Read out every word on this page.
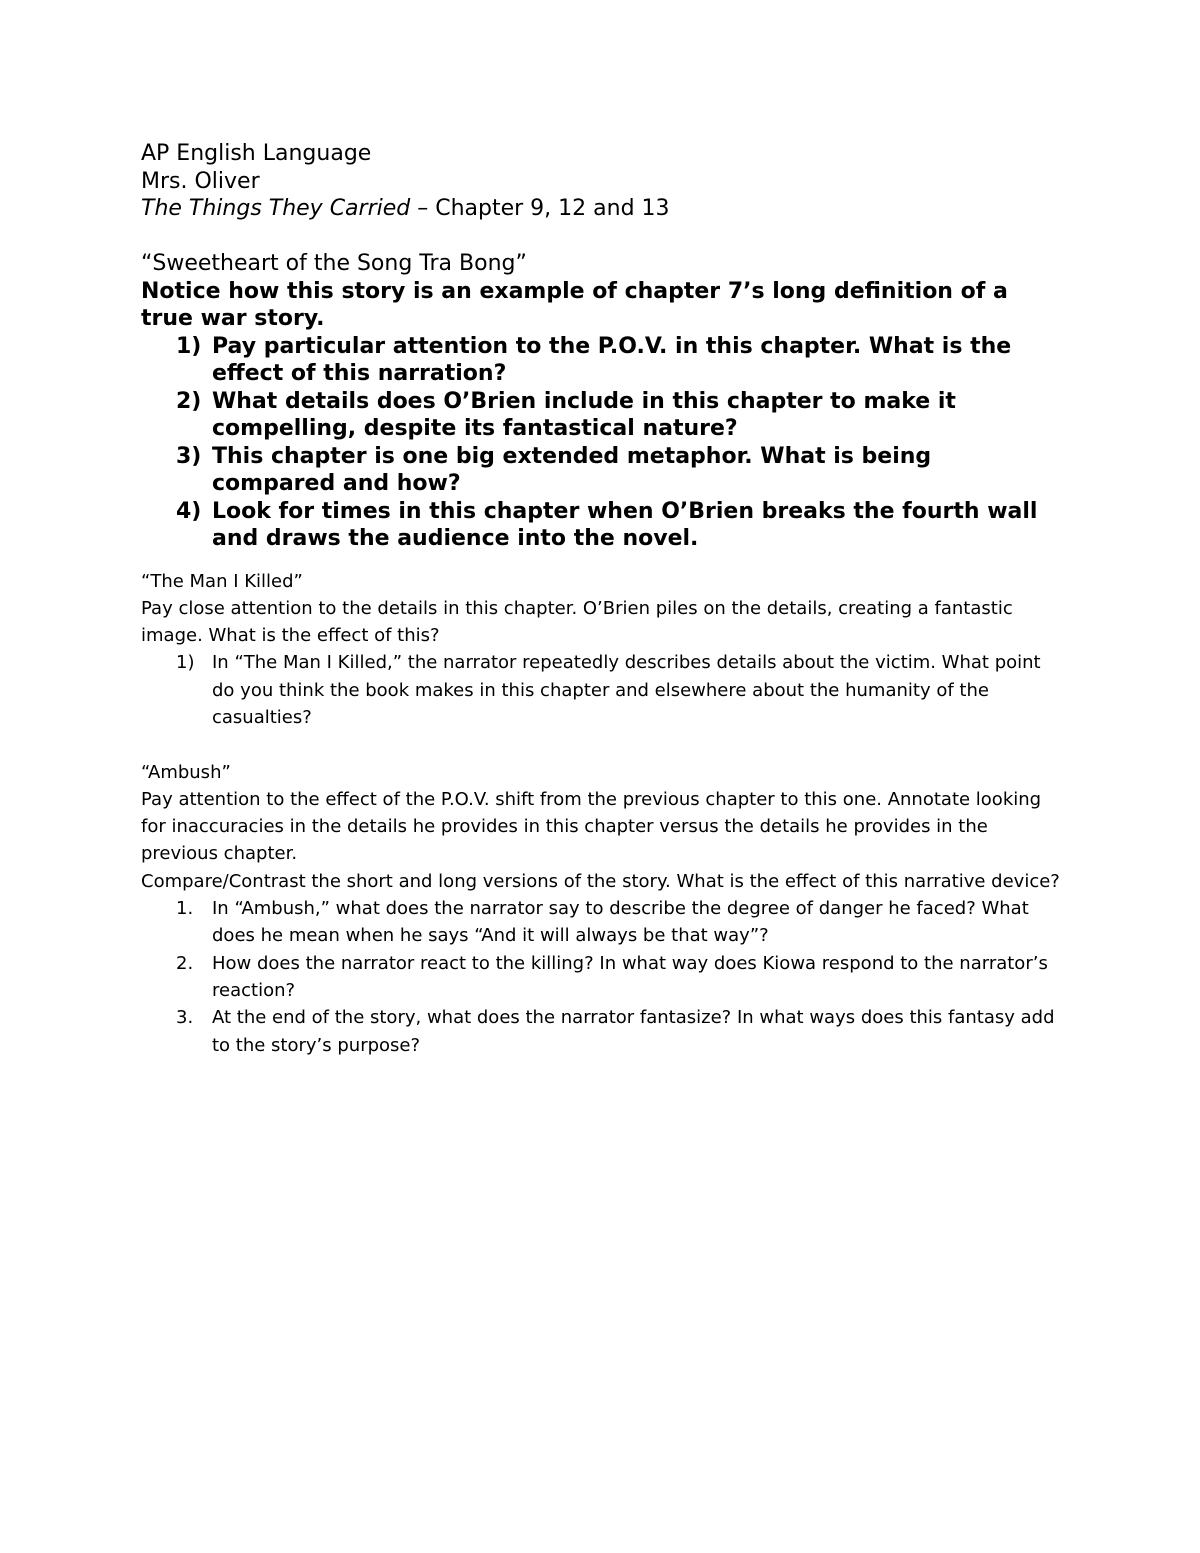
AP English Language
Mrs. Oliver
The Things They Carried – Chapter 9, 12 and 13
“Sweetheart of the Song Tra Bong”
Notice how this story is an example of chapter 7’s long definition of a true war story.
1) Pay particular attention to the P.O.V. in this chapter. What is the effect of this narration?
2) What details does O’Brien include in this chapter to make it compelling, despite its fantastical nature?
3) This chapter is one big extended metaphor. What is being compared and how?
4) Look for times in this chapter when O’Brien breaks the fourth wall and draws the audience into the novel.
“The Man I Killed”
Pay close attention to the details in this chapter. O’Brien piles on the details, creating a fantastic image. What is the effect of this?
1) In “The Man I Killed,” the narrator repeatedly describes details about the victim. What point do you think the book makes in this chapter and elsewhere about the humanity of the casualties?
“Ambush”
Pay attention to the effect of the P.O.V. shift from the previous chapter to this one. Annotate looking for inaccuracies in the details he provides in this chapter versus the details he provides in the previous chapter.
Compare/Contrast the short and long versions of the story. What is the effect of this narrative device?
1. In “Ambush,” what does the narrator say to describe the degree of danger he faced? What does he mean when he says “And it will always be that way”?
2. How does the narrator react to the killing? In what way does Kiowa respond to the narrator’s reaction?
3. At the end of the story, what does the narrator fantasize? In what ways does this fantasy add to the story’s purpose?
